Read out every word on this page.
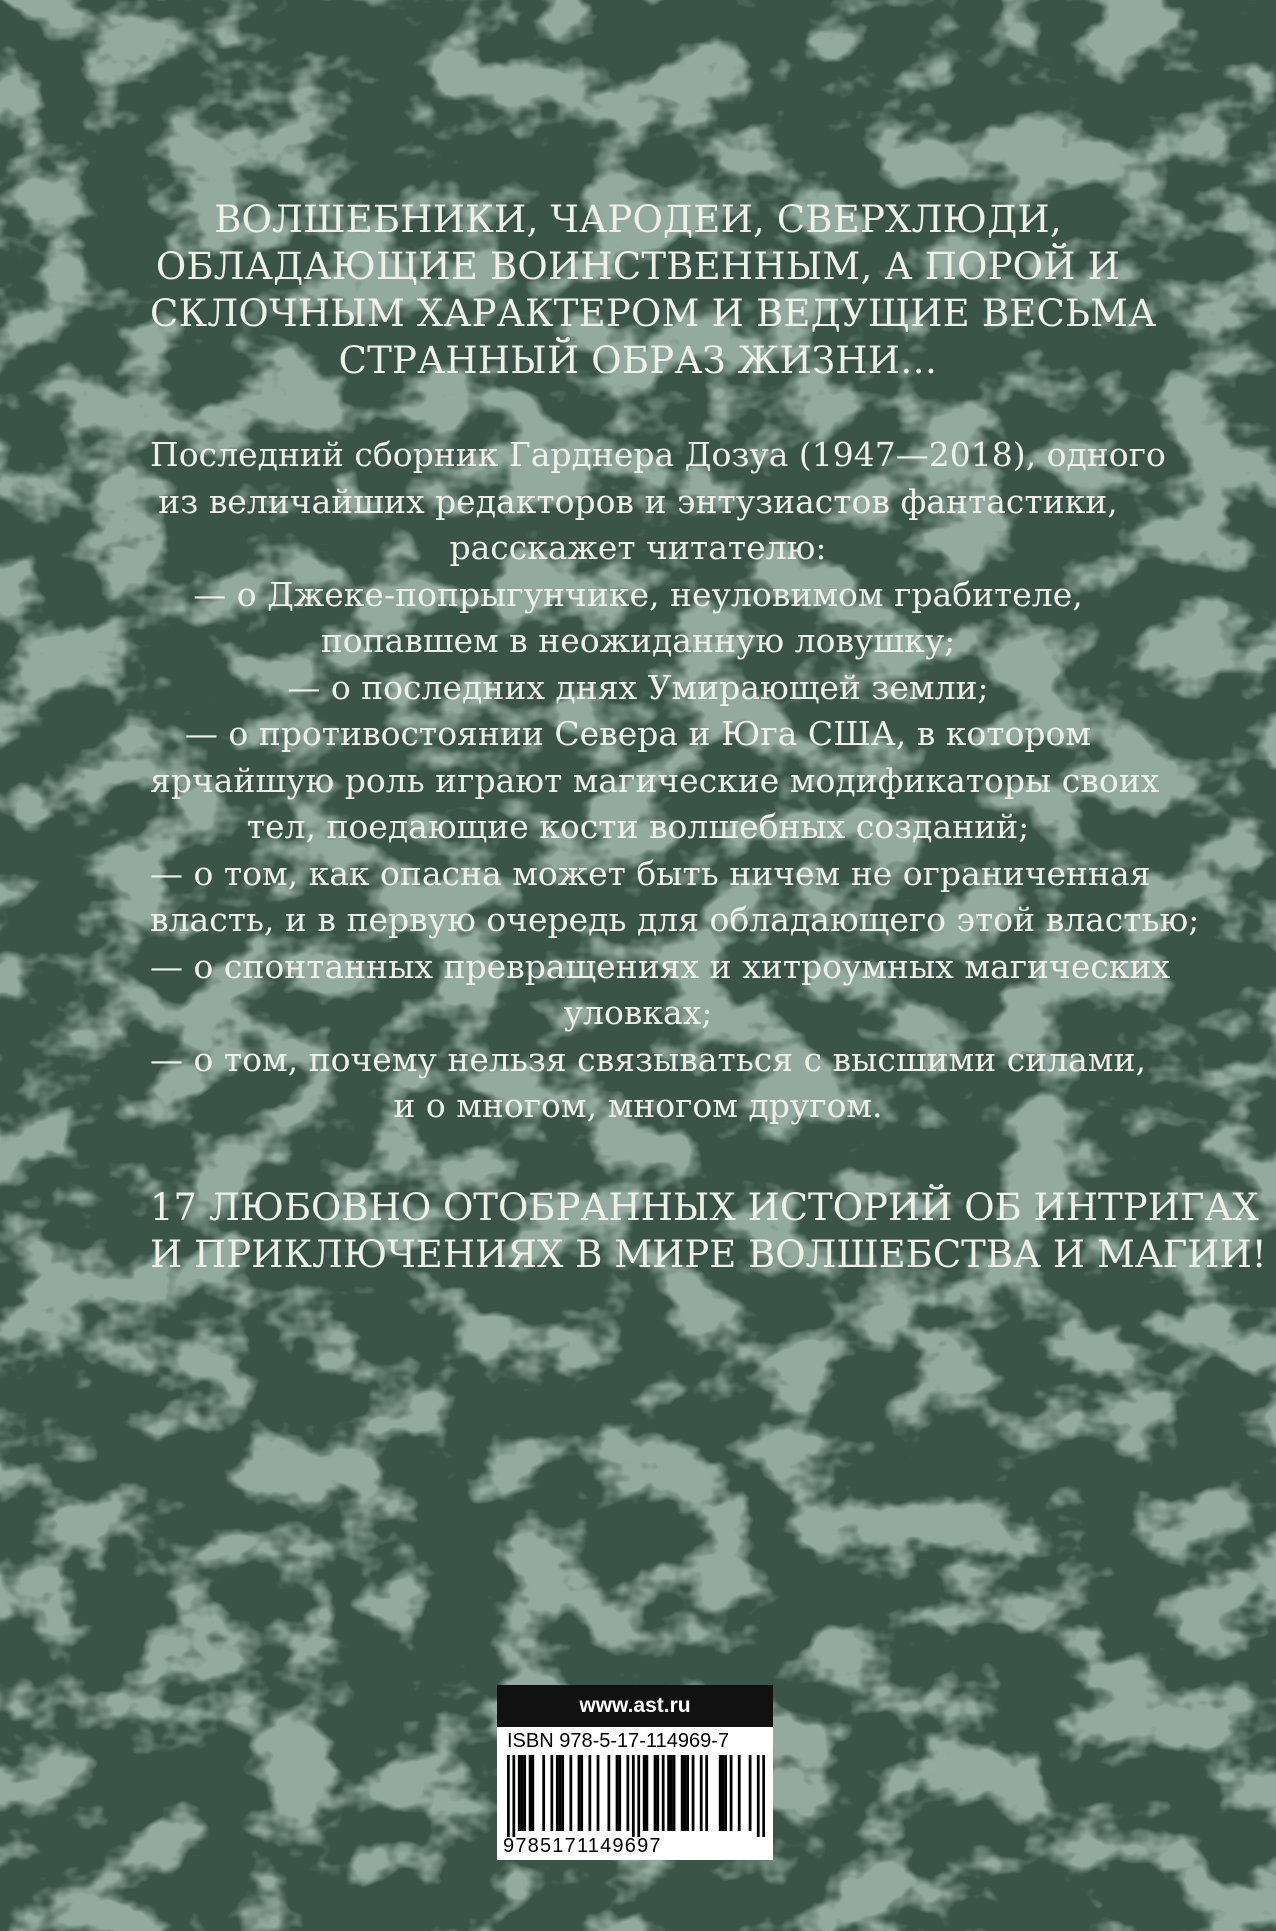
ВОЛШЕБНИКИ, ЧАРОДЕИ, СВЕРХЛЮДИ,
ОБЛАДАЮЩИЕ ВОИНСТВЕННЫМ, А ПОРОЙ И
СКЛОЧНЫМ ХАРАКТЕРОМ И ВЕДУЩИЕ ВЕСЬМА
СТРАННЫЙ ОБРАЗ ЖИЗНИ…
Последний сборник Гарднера Дозуа (1947—2018), одного
из величайших редакторов и энтузиастов фантастики,
расскажет читателю:
— о Джеке-попрыгунчике, неуловимом грабителе,
попавшем в неожиданную ловушку;
— о последних днях Умирающей земли;
— о противостоянии Севера и Юга США, в котором
ярчайшую роль играют магические модификаторы своих
тел, поедающие кости волшебных созданий;
— о том, как опасна может быть ничем не ограниченная
власть, и в первую очередь для обладающего этой властью;
— о спонтанных превращениях и хитроумных магических
уловках;
— о том, почему нельзя связываться с высшими силами,
и о многом, многом другом.
17 ЛЮБОВНО ОТОБРАННЫХ ИСТОРИЙ ОБ ИНТРИГАХ
И ПРИКЛЮЧЕНИЯХ В МИРЕ ВОЛШЕБСТВА И МАГИИ!
www.ast.ru
ISBN 978-5-17-114969-7
9785171149697
